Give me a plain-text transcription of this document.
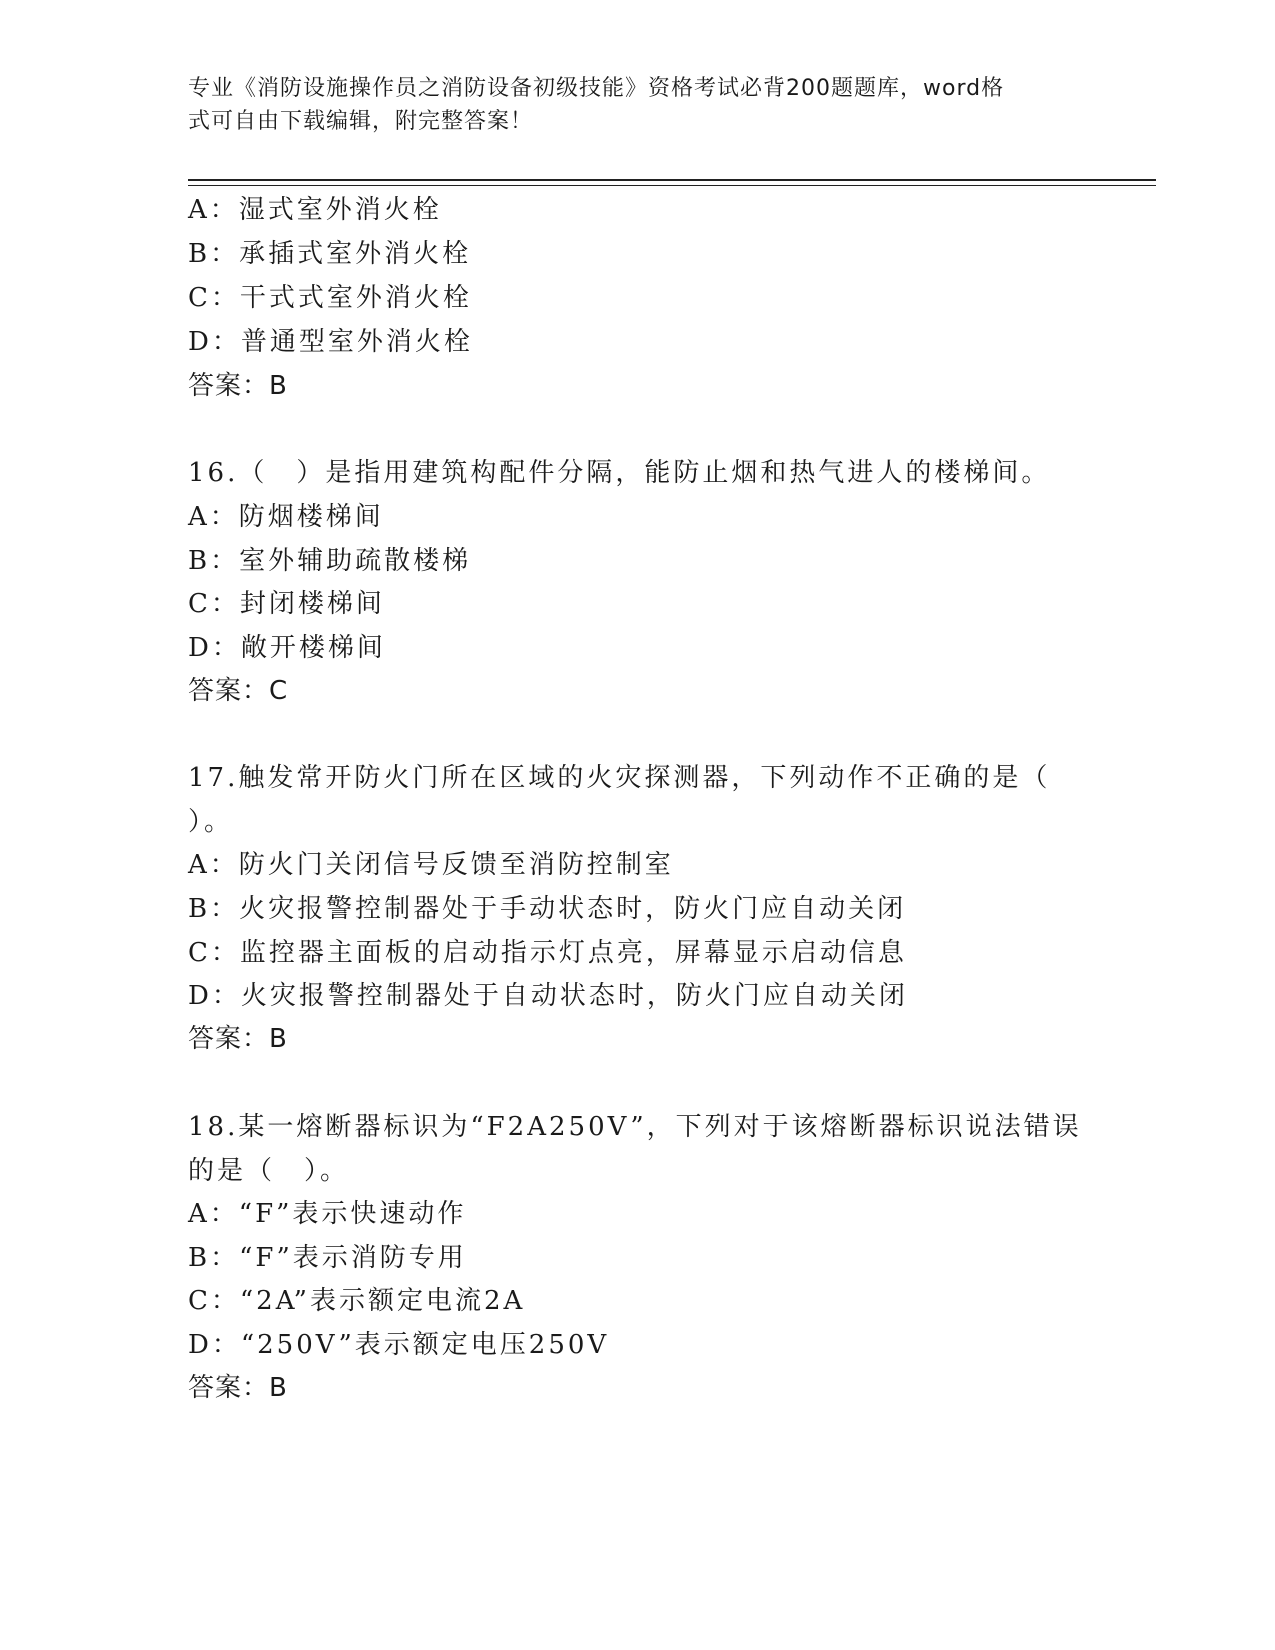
专业《消防设施操作员之消防设备初级技能》资格考试必背200题题库，word格
式可自由下载编辑，附完整答案！
A：湿式室外消火栓
B：承插式室外消火栓
C：干式式室外消火栓
D：普通型室外消火栓
答案：B
16.（　）是指用建筑构配件分隔，能防止烟和热气进人的楼梯间。
A：防烟楼梯间
B：室外辅助疏散楼梯
C：封闭楼梯间
D：敞开楼梯间
答案：C
17.触发常开防火门所在区域的火灾探测器，下列动作不正确的是（
）。
A：防火门关闭信号反馈至消防控制室
B：火灾报警控制器处于手动状态时，防火门应自动关闭
C：监控器主面板的启动指示灯点亮，屏幕显示启动信息
D：火灾报警控制器处于自动状态时，防火门应自动关闭
答案：B
18.某一熔断器标识为“F2A250V”，下列对于该熔断器标识说法错误
的是（　）。
A：“F”表示快速动作
B：“F”表示消防专用
C：“2A”表示额定电流2A
D：“250V”表示额定电压250V
答案：B
